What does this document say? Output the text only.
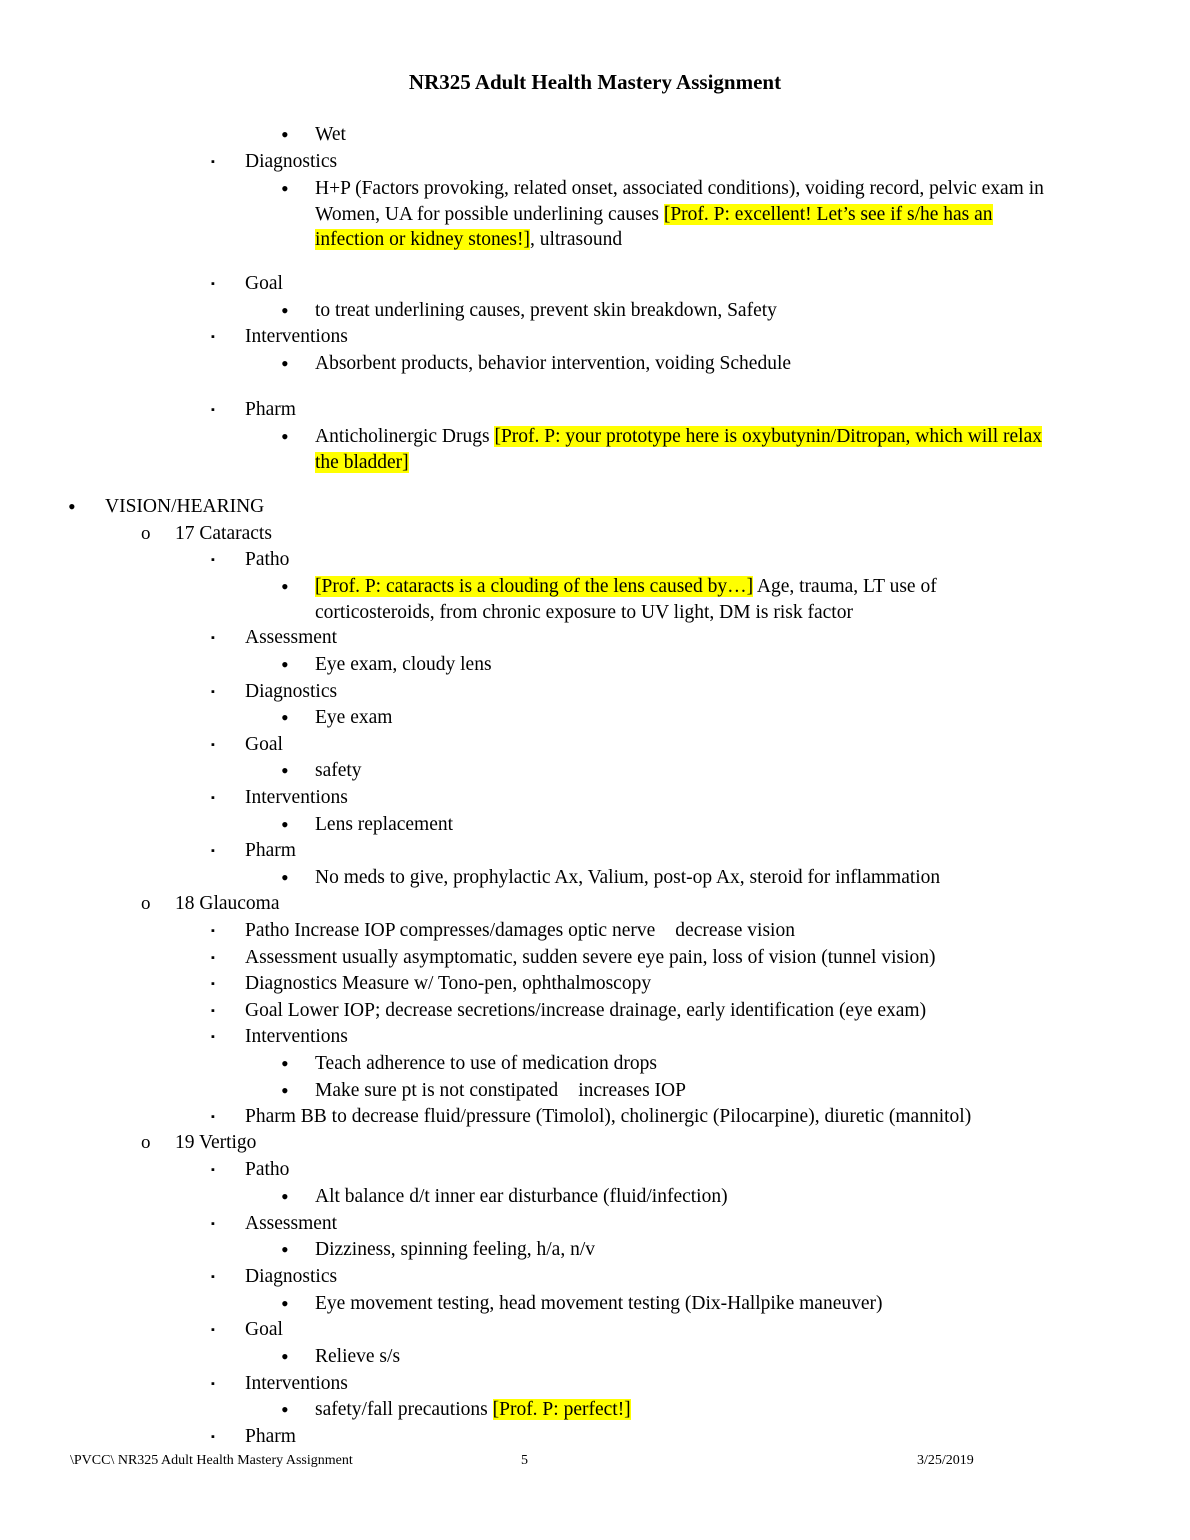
NR325 Adult Health Mastery Assignment
• Wet
▪ Diagnostics
• H+P (Factors provoking, related onset, associated conditions), voiding record, pelvic exam in
Women, UA for possible underlining causes [Prof. P: excellent! Let’s see if s/he has an
infection or kidney stones!], ultrasound
▪ Goal
• to treat underlining causes, prevent skin breakdown, Safety
▪ Interventions
• Absorbent products, behavior intervention, voiding Schedule
▪ Pharm
• Anticholinergic Drugs [Prof. P: your prototype here is oxybutynin/Ditropan, which will relax
the bladder]
• VISION/HEARING
o 17 Cataracts
▪ Patho
• [Prof. P: cataracts is a clouding of the lens caused by…] Age, trauma, LT use of
corticosteroids, from chronic exposure to UV light, DM is risk factor
▪ Assessment
• Eye exam, cloudy lens
▪ Diagnostics
• Eye exam
▪ Goal
• safety
▪ Interventions
• Lens replacement
▪ Pharm
• No meds to give, prophylactic Ax, Valium, post-op Ax, steroid for inflammation
o 18 Glaucoma
▪ Patho Increase IOP compresses/damages optic nerve  decrease vision
▪ Assessment usually asymptomatic, sudden severe eye pain, loss of vision (tunnel vision)
▪ Diagnostics Measure w/ Tono-pen, ophthalmoscopy
▪ Goal Lower IOP; decrease secretions/increase drainage, early identification (eye exam)
▪ Interventions
• Teach adherence to use of medication drops
• Make sure pt is not constipated  increases IOP
▪ Pharm BB to decrease fluid/pressure (Timolol), cholinergic (Pilocarpine), diuretic (mannitol)
o 19 Vertigo
▪ Patho
• Alt balance d/t inner ear disturbance (fluid/infection)
▪ Assessment
• Dizziness, spinning feeling, h/a, n/v
▪ Diagnostics
• Eye movement testing, head movement testing (Dix-Hallpike maneuver)
▪ Goal
• Relieve s/s
▪ Interventions
• safety/fall precautions [Prof. P: perfect!]
▪ Pharm
\PVCC\ NR325 Adult Health Mastery Assignment	5	3/25/2019
